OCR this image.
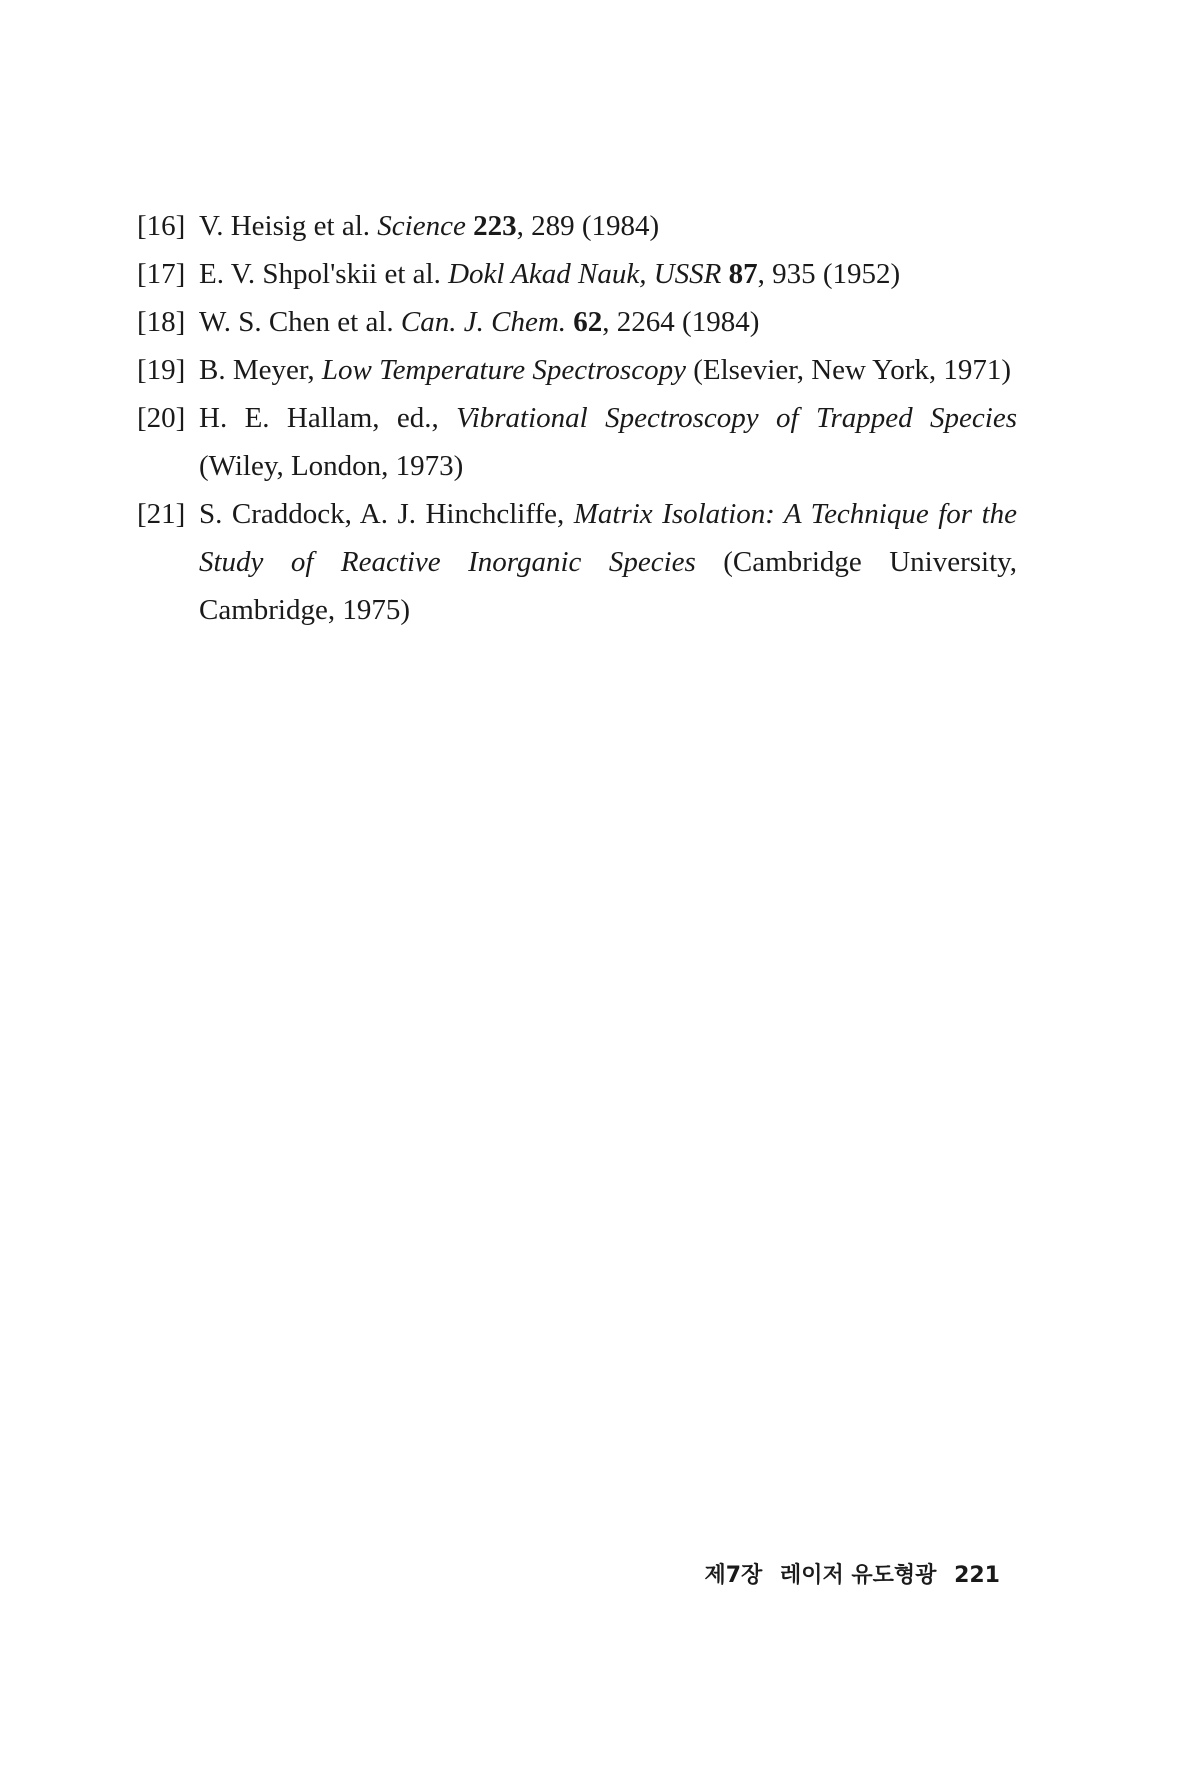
[16] V. Heisig et al. Science 223, 289 (1984)
[17] E. V. Shpol'skii et al. Dokl Akad Nauk, USSR 87, 935 (1952)
[18] W. S. Chen et al. Can. J. Chem. 62, 2264 (1984)
[19] B. Meyer, Low Temperature Spectroscopy (Elsevier, New York, 1971)
[20] H. E. Hallam, ed., Vibrational Spectroscopy of Trapped Species (Wiley, London, 1973)
[21] S. Craddock, A. J. Hinchcliffe, Matrix Isolation: A Technique for the Study of Reactive Inorganic Species (Cambridge University, Cambridge, 1975)
제7장 레이저 유도형광 221
